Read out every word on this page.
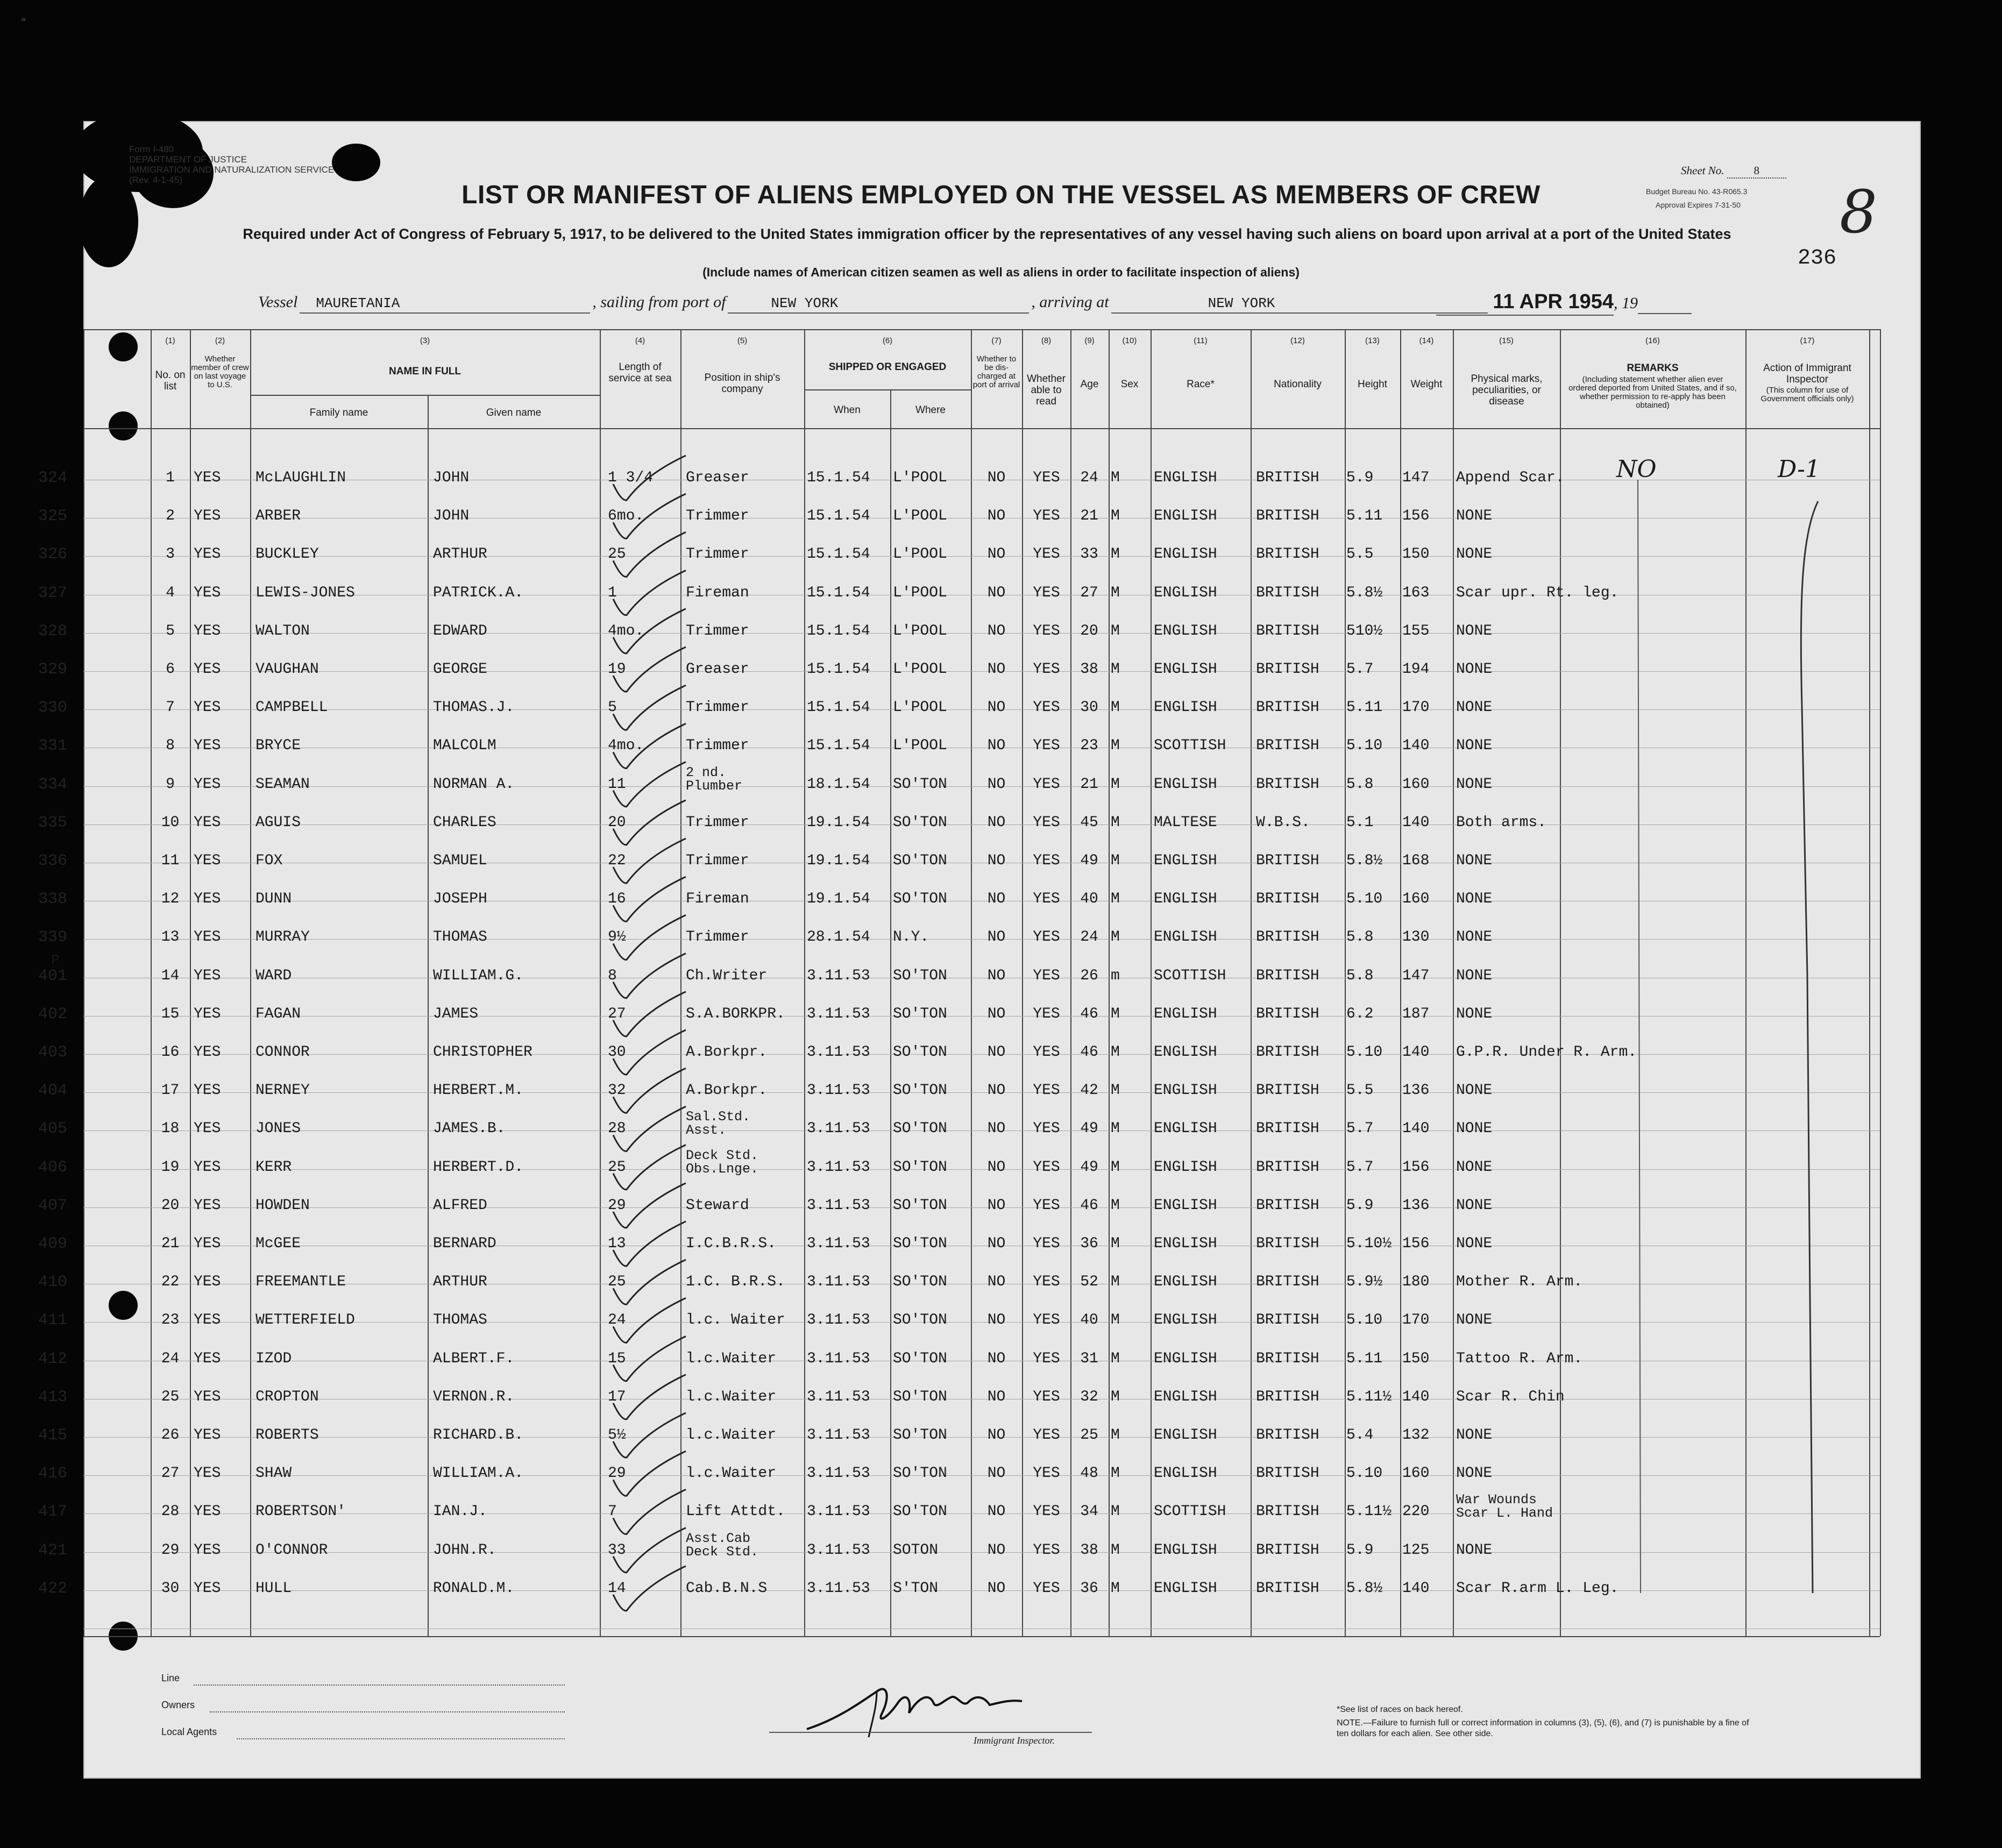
≈
Form I-480
DEPARTMENT OF JUSTICE
IMMIGRATION AND NATURALIZATION SERVICE
(Rev. 4-1-45)
Sheet No.	8
Budget Bureau No. 43-R065.3
Approval Expires 7-31-50 8
LIST OR MANIFEST OF ALIENS EMPLOYED ON THE VESSEL AS MEMBERS OF CREW
Required under Act of Congress of February 5, 1917, to be delivered to the United States immigration officer by the representatives of any vessel having such aliens on board upon arrival at a port of the United States
(Include names of American citizen seamen as well as aliens in order to facilitate inspection of aliens)
236
Vessel MAURETANIA	, sailing from port of	NEW YORK	, arriving at	NEW YORK	11 APR 1954, 19
(1)	(2)	(3)	(4)	(5)	(6)	(7)	(8)	(9)	(10)	(11)	(12)	(13)	(14)	(15)	(16)	(17)
No. on list
Whether member of crew on last voyage to U.S.
NAME IN FULL
Family name	Given name
Length of service at sea	Position in ship's company
SHIPPED OR ENGAGED
When	Where
Whether to be dis-charged at port of arrival
Whether able to read
Age	Sex	Race*	Nationality	Height	Weight	Physical marks, peculiarities, or disease
REMARKS
(Including statement whether alien ever ordered deported from United States, and if so, whether permission to re-apply has been obtained)
Action of Immigrant Inspector
(This column for use of Government officials only)
324	1	YES	McLAUGHLIN	JOHN	1 3/4	Greaser	15.1.54	L'POOL	NO	YES	24 M	ENGLISH	BRITISH	5.9	147	Append Scar.	NO	D-1
325	2	YES	ARBER	JOHN	6mo.	Trimmer	15.1.54	L'POOL	NO	YES	21 M	ENGLISH	BRITISH	5.11	156	NONE
326	3	YES	BUCKLEY	ARTHUR	25	Trimmer	15.1.54	L'POOL	NO	YES	33 M	ENGLISH	BRITISH	5.5	150	NONE
327	4	YES	LEWIS-JONES	PATRICK.A.	1	Fireman	15.1.54	L'POOL	NO	YES	27 M	ENGLISH	BRITISH	5.8½	163	Scar upr. Rt. leg.
328	5	YES	WALTON	EDWARD	4mo.	Trimmer	15.1.54	L'POOL	NO	YES	20 M	ENGLISH	BRITISH	510½	155	NONE
329	6	YES	VAUGHAN	GEORGE	19	Greaser	15.1.54	L'POOL	NO	YES	38 M	ENGLISH	BRITISH	5.7	194	NONE
330	7	YES	CAMPBELL	THOMAS.J.	5	Trimmer	15.1.54	L'POOL	NO	YES	30 M	ENGLISH	BRITISH	5.11	170	NONE
331	8	YES	BRYCE	MALCOLM	4mo.	Trimmer	15.1.54	L'POOL	NO	YES	23 M	SCOTTISH	BRITISH	5.10	140	NONE
334	9	YES	SEAMAN	NORMAN A.	11
2 nd.
Plumber	18.1.54	SO'TON	NO	YES	21 M	ENGLISH	BRITISH	5.8	160	NONE
335	10 YES	AGUIS	CHARLES	20	Trimmer	19.1.54	SO'TON	NO	YES	45 M	MALTESE	W.B.S.	5.1	140	Both arms.
336	11 YES	FOX	SAMUEL	22	Trimmer	19.1.54	SO'TON	NO	YES	49 M	ENGLISH	BRITISH	5.8½	168	NONE
338	12 YES	DUNN	JOSEPH	16	Fireman	19.1.54	SO'TON	NO	YES	40 M	ENGLISH	BRITISH	5.10	160	NONE
339	13 YES	MURRAY	THOMAS	9½	Trimmer	28.1.54	N.Y.	NO	YES	24 M	ENGLISH	BRITISH	5.8	130	NONE
401	14 YES	WARD	WILLIAM.G.	8	Ch.Writer	3.11.53	SO'TON	NO	YES	26 m	SCOTTISH	BRITISH	5.8	147	NONE
P
402	15 YES	FAGAN	JAMES	27	S.A.BORKPR.	3.11.53	SO'TON	NO	YES	46 M	ENGLISH	BRITISH	6.2	187	NONE
403	16 YES	CONNOR	CHRISTOPHER	30	A.Borkpr.	3.11.53	SO'TON	NO	YES	46 M	ENGLISH	BRITISH	5.10	140	G.P.R. Under R. Arm.
404	17 YES	NERNEY	HERBERT.M.	32	A.Borkpr.	3.11.53	SO'TON	NO	YES	42 M	ENGLISH	BRITISH	5.5	136	NONE
405	18 YES	JONES	JAMES.B.	28
Sal.Std.
Asst.	3.11.53	SO'TON	NO	YES	49 M	ENGLISH	BRITISH	5.7	140	NONE
406	19 YES	KERR	HERBERT.D.	25
Deck Std.
Obs.Lnge.	3.11.53	SO'TON	NO	YES	49 M	ENGLISH	BRITISH	5.7	156	NONE
407	20 YES	HOWDEN	ALFRED	29	Steward	3.11.53	SO'TON	NO	YES	46 M	ENGLISH	BRITISH	5.9	136	NONE
409	21 YES	McGEE	BERNARD	13	I.C.B.R.S.	3.11.53	SO'TON	NO	YES	36 M	ENGLISH	BRITISH	5.10½ 156	NONE
410	22 YES	FREEMANTLE	ARTHUR	25	1.C. B.R.S.	3.11.53	SO'TON	NO	YES	52 M	ENGLISH	BRITISH	5.9½	180	Mother R. Arm.
411	23 YES	WETTERFIELD	THOMAS	24	l.c. Waiter	3.11.53	SO'TON	NO	YES	40 M	ENGLISH	BRITISH	5.10	170	NONE
412	24 YES	IZOD	ALBERT.F.	15	l.c.Waiter	3.11.53	SO'TON	NO	YES	31 M	ENGLISH	BRITISH	5.11	150	Tattoo R. Arm.
413	25 YES	CROPTON	VERNON.R.	17	l.c.Waiter	3.11.53	SO'TON	NO	YES	32 M	ENGLISH	BRITISH	5.11½ 140	Scar R. Chin
415	26 YES	ROBERTS	RICHARD.B.	5½	l.c.Waiter	3.11.53	SO'TON	NO	YES	25 M	ENGLISH	BRITISH	5.4	132	NONE
416	27 YES	SHAW	WILLIAM.A.	29	l.c.Waiter	3.11.53	SO'TON	NO	YES	48 M	ENGLISH	BRITISH	5.10	160	NONE
417	28 YES	ROBERTSON'	IAN.J.	7	Lift Attdt.	3.11.53	SO'TON	NO	YES	34 M	SCOTTISH	BRITISH	5.11½ 220
War Wounds
Scar L. Hand
421	29 YES	O'CONNOR	JOHN.R.	33
Asst.Cab
Deck Std.	3.11.53	SOTON	NO	YES	38 M	ENGLISH	BRITISH	5.9	125	NONE
422	30 YES	HULL	RONALD.M.	14	Cab.B.N.S	3.11.53	S'TON	NO	YES	36 M	ENGLISH	BRITISH	5.8½	140	Scar R.arm L. Leg.
Line
Owners
Local Agents
Immigrant Inspector.
*See list of races on back hereof.
NOTE.—Failure to furnish full or correct information in columns (3), (5), (6), and (7) is punishable by a fine of ten dollars for each alien. See other side.
